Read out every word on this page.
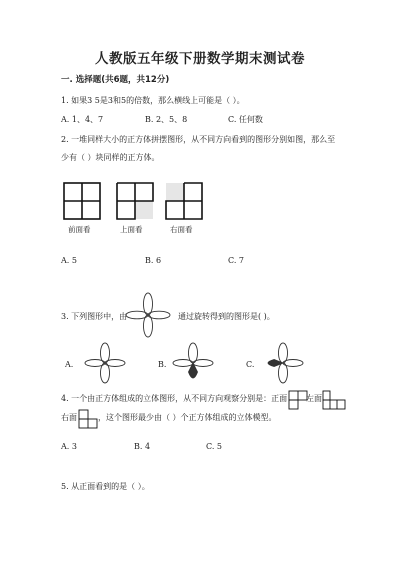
人教版五年级下册数学期末测试卷
一. 选择题(共6题，共12分)
1. 如果3 5是3和5的倍数，那么横线上可能是（ ）。
A. 1、4、7	B. 2、5、8	C. 任何数
2. 一堆同样大小的正方体拼摆图形，从不同方向看到的图形分别如图，那么至
少有（ ）块同样的正方体。
前面看	上面看	右面看
A. 5	B. 6	C. 7
3. 下列图形中，由	通过旋转得到的图形是( )。
A.	B.	C.
4. 一个由正方体组成的立体图形，从不同方向观察分别是：正面 左面
右面	，这个图形最少由（ ）个正方体组成的立体模型。
A. 3	B. 4	C. 5
5. 从正面看到的是（ ）。
